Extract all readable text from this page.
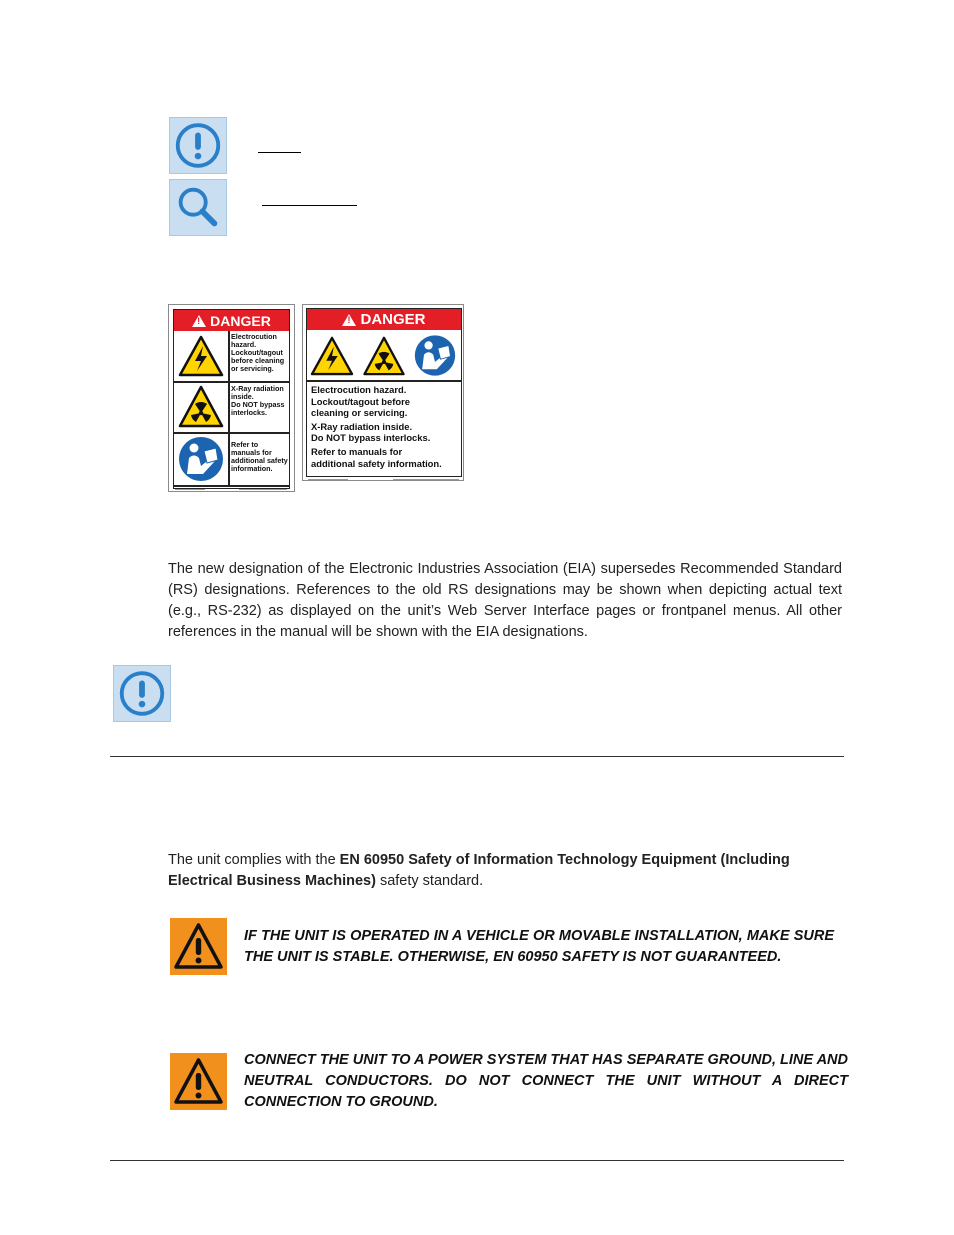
!
DANGER
Electrocution
hazard.
Lockout/tagout
before cleaning
or servicing.
X-Ray radiation
inside.
Do NOT bypass
interlocks.
Refer to
manuals for
additional safety
information.
!
DANGER
Electrocution hazard.
Lockout/tagout before
cleaning or servicing.
X-Ray radiation inside.
Do NOT bypass interlocks.
Refer to manuals for
additional safety information.
The new designation of the Electronic Industries Association (EIA) supersedes Recommended Standard (RS) designations. References to the old RS designations may be shown when depicting actual text (e.g., RS-232) as displayed on the unit’s Web Server Interface pages or frontpanel menus. All other references in the manual will be shown with the EIA designations.
The unit complies with the EN 60950 Safety of Information Technology Equipment (Including Electrical Business Machines) safety standard.
IF THE UNIT IS OPERATED IN A VEHICLE OR MOVABLE INSTALLATION, MAKE SURE THE UNIT IS STABLE. OTHERWISE, EN 60950 SAFETY IS NOT GUARANTEED.
CONNECT THE UNIT TO A POWER SYSTEM THAT HAS SEPARATE GROUND, LINE AND NEUTRAL CONDUCTORS. DO NOT CONNECT THE UNIT WITHOUT A DIRECT CONNECTION TO GROUND.
